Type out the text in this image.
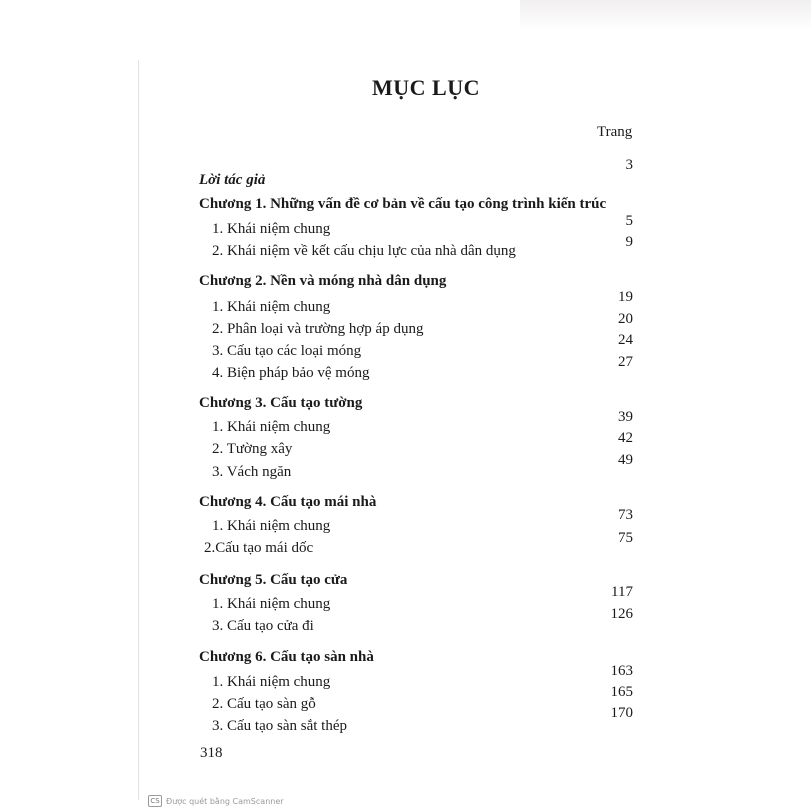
MỤC LỤC
Trang
Lời tác giả
3
Chương 1. Những vấn đề cơ bản về cấu tạo công trình kiến trúc
1. Khái niệm chung	5
2. Khái niệm về kết cấu chịu lực của nhà dân dụng
9
Chương 2. Nền và móng nhà dân dụng
1. Khái niệm chung
19
2. Phân loại và trường hợp áp dụng
20
3. Cấu tạo các loại móng
24
4. Biện pháp bảo vệ móng
27
Chương 3. Cấu tạo tường
1. Khái niệm chung
39
2. Tường xây
42
3. Vách ngăn
49
Chương 4. Cấu tạo mái nhà
1. Khái niệm chung
73
2.Cấu tạo mái dốc
75
Chương 5. Cấu tạo cửa
1. Khái niệm chung
117
3. Cấu tạo cửa đi
126
Chương 6. Cấu tạo sàn nhà
1. Khái niệm chung
163
2. Cấu tạo sàn gỗ
165
3. Cấu tạo sàn sắt thép
170
318
CS Được quét bằng CamScanner
